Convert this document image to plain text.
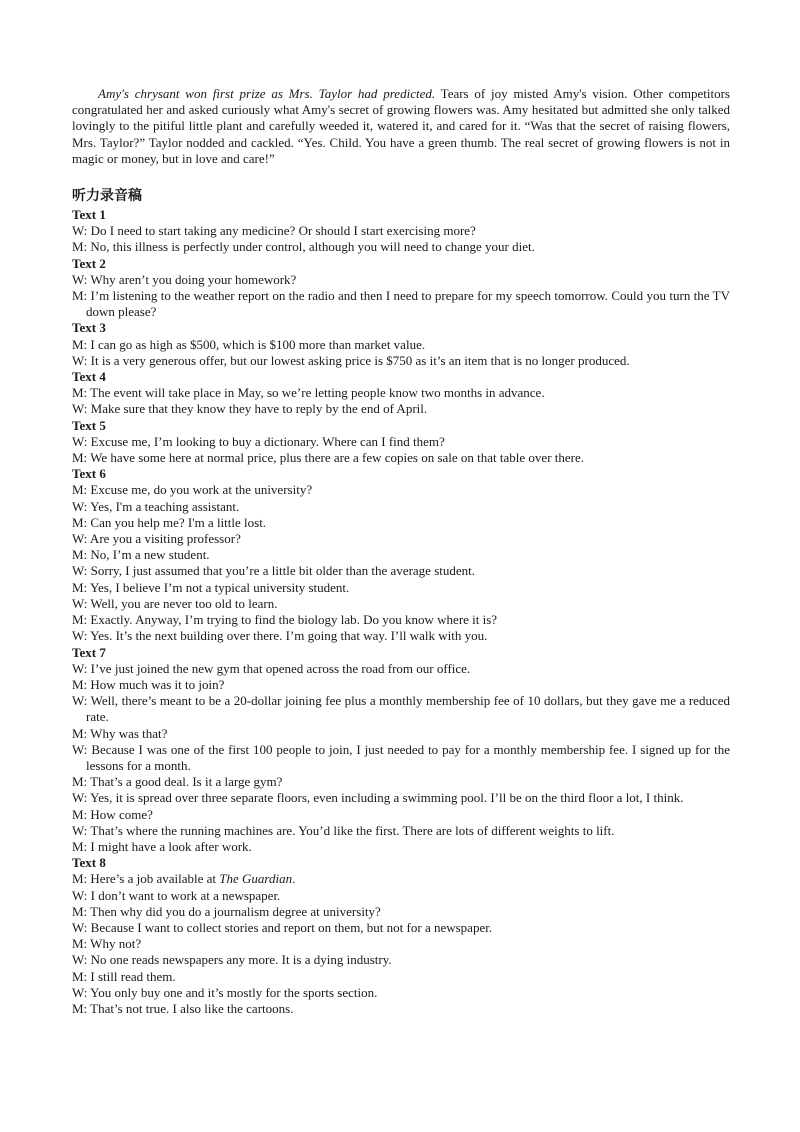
Amy's chrysant won first prize as Mrs. Taylor had predicted. Tears of joy misted Amy's vision. Other competitors congratulated her and asked curiously what Amy's secret of growing flowers was. Amy hesitated but admitted she only talked lovingly to the pitiful little plant and carefully weeded it, watered it, and cared for it. “Was that the secret of raising flowers, Mrs. Taylor?” Taylor nodded and cackled. “Yes. Child. You have a green thumb. The real secret of growing flowers is not in magic or money, but in love and care!”

听力录音稿
Text 1
W: Do I need to start taking any medicine? Or should I start exercising more?
M: No, this illness is perfectly under control, although you will need to change your diet.
Text 2
W: Why aren’t you doing your homework?
M: I’m listening to the weather report on the radio and then I need to prepare for my speech tomorrow. Could you turn the TV down please?
Text 3
M: I can go as high as $500, which is $100 more than market value.
W: It is a very generous offer, but our lowest asking price is $750 as it’s an item that is no longer produced.
Text 4
M: The event will take place in May, so we’re letting people know two months in advance.
W: Make sure that they know they have to reply by the end of April.
Text 5
W: Excuse me, I’m looking to buy a dictionary. Where can I find them?
M: We have some here at normal price, plus there are a few copies on sale on that table over there.
Text 6
M: Excuse me, do you work at the university?
W: Yes, I'm a teaching assistant.
M: Can you help me? I'm a little lost.
W: Are you a visiting professor?
M: No, I’m a new student.
W: Sorry, I just assumed that you’re a little bit older than the average student.
M: Yes, I believe I’m not a typical university student.
W: Well, you are never too old to learn.
M: Exactly. Anyway, I’m trying to find the biology lab. Do you know where it is?
W: Yes. It’s the next building over there. I’m going that way. I’ll walk with you.
Text 7
W: I’ve just joined the new gym that opened across the road from our office.
M: How much was it to join?
W: Well, there’s meant to be a 20-dollar joining fee plus a monthly membership fee of 10 dollars, but they gave me a reduced rate.
M: Why was that?
W: Because I was one of the first 100 people to join, I just needed to pay for a monthly membership fee. I signed up for the lessons for a month.
M: That’s a good deal. Is it a large gym?
W: Yes, it is spread over three separate floors, even including a swimming pool. I’ll be on the third floor a lot, I think.
M: How come?
W: That’s where the running machines are. You’d like the first. There are lots of different weights to lift.
M: I might have a look after work.
Text 8
M: Here’s a job available at The Guardian.
W: I don’t want to work at a newspaper.
M: Then why did you do a journalism degree at university?
W: Because I want to collect stories and report on them, but not for a newspaper.
M: Why not?
W: No one reads newspapers any more. It is a dying industry.
M: I still read them.
W: You only buy one and it’s mostly for the sports section.
M: That’s not true. I also like the cartoons.
